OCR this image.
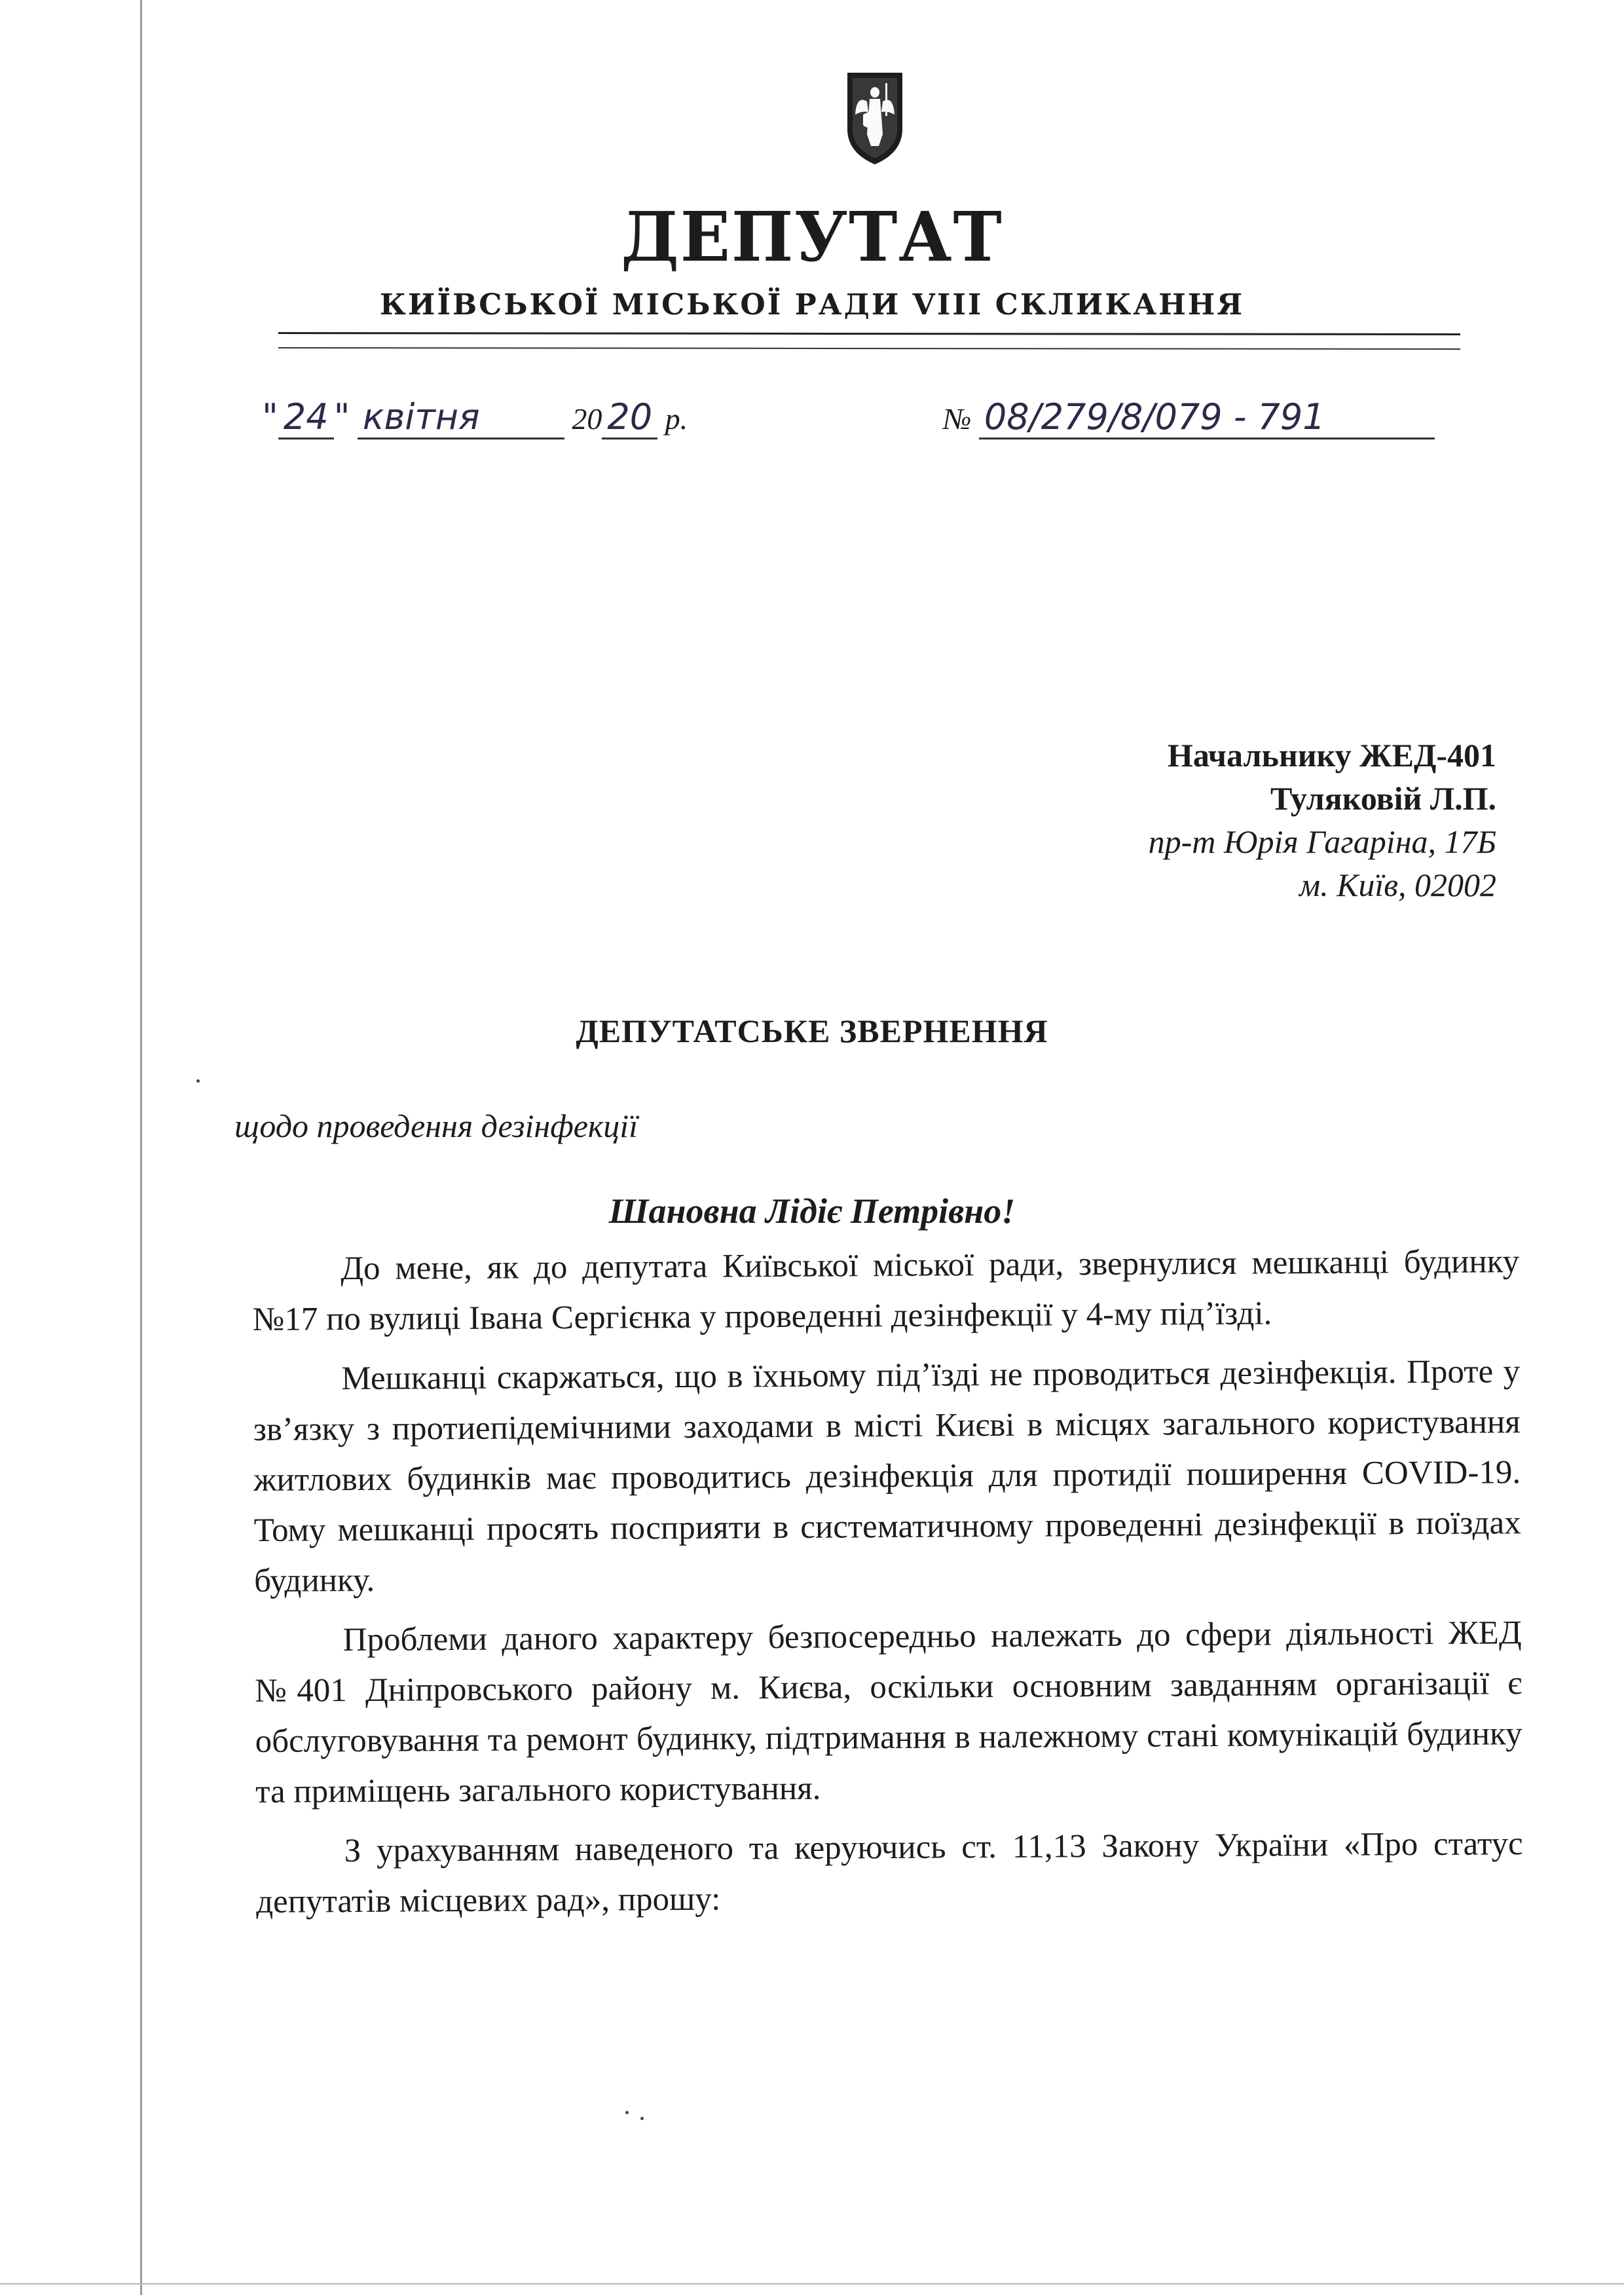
ДЕПУТАТ
КИЇВСЬКОЇ МІСЬКОЇ РАДИ VIII СКЛИКАННЯ
" 24 " квітня	20 20 р.	№ 08/279/8/079 - 791
Начальнику ЖЕД-401
Туляковій Л.П.
пр-т Юрія Гагаріна, 17Б
м. Київ, 02002
ДЕПУТАТСЬКЕ ЗВЕРНЕННЯ
щодо проведення дезінфекції
Шановна Лідіє Петрівно!

До мене, як до депутата Київської міської ради, звернулися мешканці будинку №17 по вулиці Івана Сергієнка у проведенні дезінфекції у 4-му під’їзді.

Мешканці скаржаться, що в їхньому під’їзді не проводиться дезінфекція. Проте у зв’язку з протиепідемічними заходами в місті Києві в місцях загального користування житлових будинків має проводитись дезінфекція для протидії поширення COVID-19. Тому мешканці просять посприяти в систематичному проведенні дезінфекції в поїздах будинку.

Проблеми даного характеру безпосередньо належать до сфери діяльності ЖЕД №401 Дніпровського району м. Києва, оскільки основним завданням організації є обслуговування та ремонт будинку, підтримання в належному стані комунікацій будинку та приміщень загального користування.

З урахуванням наведеного та керуючись ст. 11,13 Закону України «Про статус депутатів місцевих рад», прошу:
